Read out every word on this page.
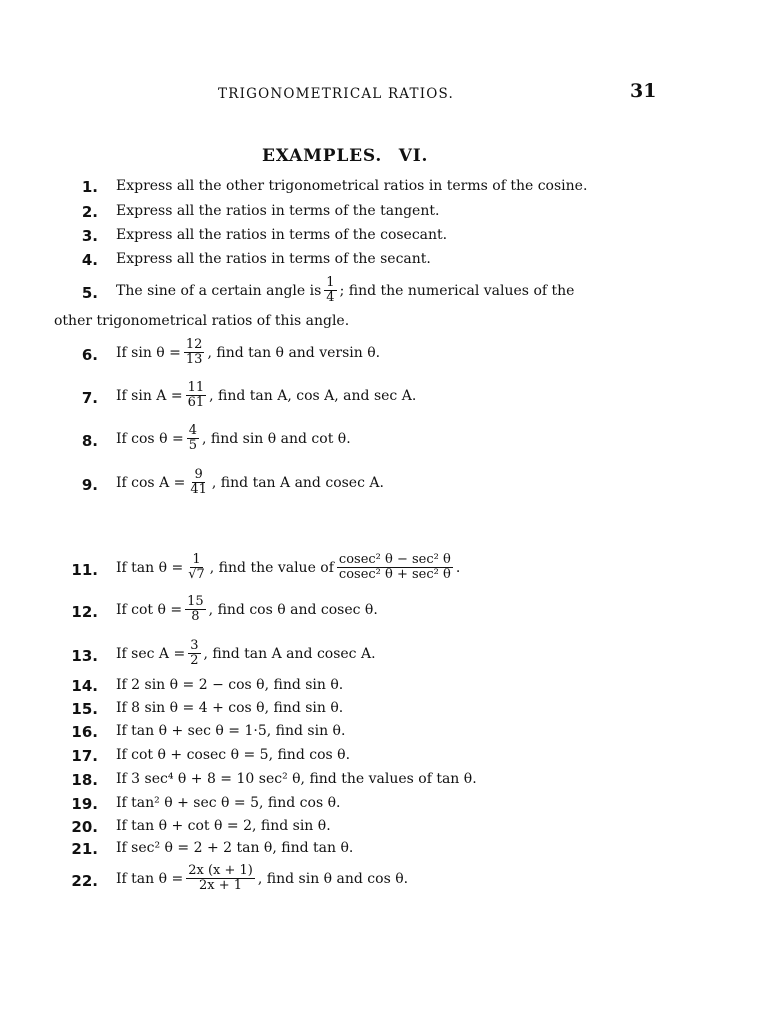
TRIGONOMETRICAL RATIOS.	31
EXAMPLES. VI.
1. Express all the other trigonometrical ratios in terms of the cosine.
2. Express all the ratios in terms of the tangent.
3. Express all the ratios in terms of the cosecant.
4. Express all the ratios in terms of the secant.
5. The sine of a certain angle is $\frac{1}{4}$ ; find the numerical values of the
other trigonometrical ratios of this angle.
6. If $\sin \theta = \frac{12}{13}$ , find tan θ and versin θ.
7. If $\sin A = \frac{11}{61}$ , find tan A, cos A, and sec A.
8. If $\cos \theta = \frac{4}{5}$ , find sin θ and cot θ.
9. If $\cos A = \frac{9}{41}$ , find tan A and cosec A.
11. If $\tan \theta = \frac{1}{√7}$ , find the value of $\frac{\text{cosec² θ − sec² θ}}{\text{cosec² θ + sec² θ}}$ .
12. If $\cot \theta = \frac{15}{8}$ , find cos θ and cosec θ.
13. If $\sec A = \frac{3}{2}$ , find tan A and cosec A.
14. If 2 sin θ = 2 − cos θ, find sin θ.
15. If 8 sin θ = 4 + cos θ, find sin θ.
16. If tan θ + sec θ = 1·5, find sin θ.
17. If cot θ + cosec θ = 5, find cos θ.
18. If 3 sec⁴ θ + 8 = 10 sec² θ, find the values of tan θ.
19. If tan² θ + sec θ = 5, find cos θ.
20. If tan θ + cot θ = 2, find sin θ.
21. If sec² θ = 2 + 2 tan θ, find tan θ.
22. If $\tan \theta = \frac{2x (x + 1)}{2x + 1}$ , find sin θ and cos θ.
